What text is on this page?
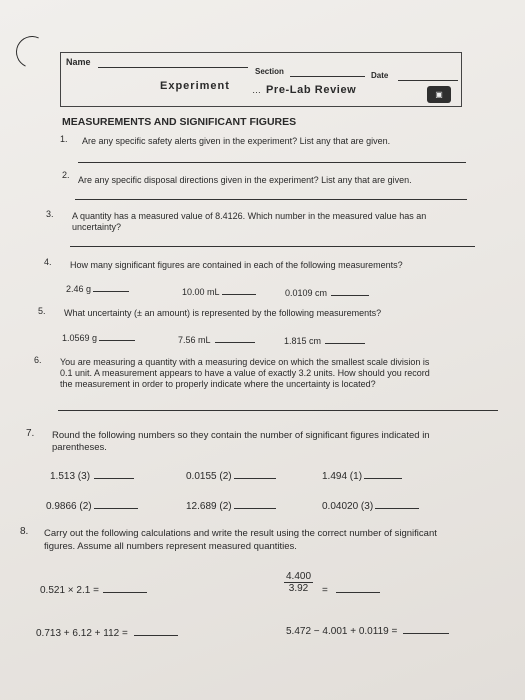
Name
Section	Date
Experiment … Pre-Lab Review	▣
MEASUREMENTS AND SIGNIFICANT FIGURES
1. Are any specific safety alerts given in the experiment? List any that are given.
2. Are any specific disposal directions given in the experiment? List any that are given.
3. A quantity has a measured value of 8.4126. Which number in the measured value has an
uncertainty?
4. How many significant figures are contained in each of the following measurements?
2.46 g	10.00 mL	0.0109 cm
5. What uncertainty (± an amount) is represented by the following measurements?
1.0569 g	7.56 mL	1.815 cm
6. You are measuring a quantity with a measuring device on which the smallest scale division is
0.1 unit. A measurement appears to have a value of exactly 3.2 units. How should you record
the measurement in order to properly indicate where the uncertainty is located?
7. Round the following numbers so they contain the number of significant figures indicated in
parentheses.
1.513 (3)	0.0155 (2)	1.494 (1)
0.9866 (2)	12.689 (2)	0.04020 (3)
8. Carry out the following calculations and write the result using the correct number of significant
figures. Assume all numbers represent measured quantities.
0.521 × 2.1 =	$\frac{4.400}{3.92}$ =
0.713 + 6.12 + 112 =	5.472 − 4.001 + 0.0119 =
